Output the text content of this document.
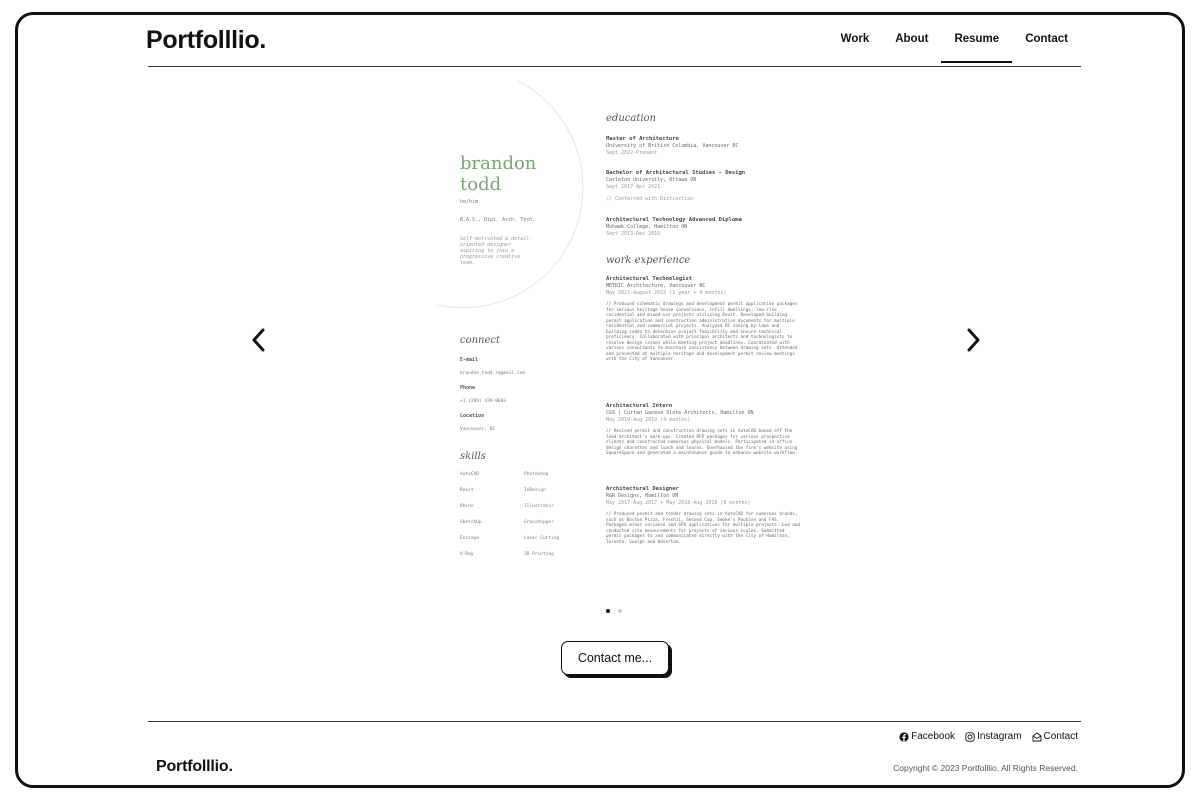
Portfolllio.	Work	About	Resume	Contact
brandon
todd
he/him
B.A.S., Dipl. Arch. Tech.
Self-motivated & detail-oriented designer aspiring to join a progressive creative team.
connect
E-mail
brandon.todd.r@gmail.com
Phone
+1 (289) 439-8693
Location
Vancouver, BC
skills
AutoCAD	Photoshop
Revit	InDesign
Rhino	Illustrator
SketchUp	Grasshopper
Enscape	Laser Cutting
V-Ray	3D Printing
education
Master of Architecture
University of British Columbia, Vancouver BC
Sept 2022-Present
Bachelor of Architectural Studies - Design
Carleton University, Ottawa ON
Sept 2017-Apr 2021
// Conferred with Distinction
Architectural Technology Advanced Diploma
Mohawk College, Hamilton ON
Sept 2013-Dec 2016
work experience
Architectural Technologist
METRIC Architecture, Vancouver BC
May 2021-August 2022 (1 year + 4 months)
// Produced schematic drawings and development permit application packages for various heritage house conversions, infill dwellings, low-rise residential and mixed-use projects utilizing Revit. Developed building permit application and construction administration documents for multiple residential and commercial projects. Analyzed BC zoning by-laws and building codes to determine project feasibility and ensure technical proficiency. Collaborated with principal architects and technologists to resolve design issues while meeting project deadlines. Coordinated with various consultants to maintain consistency between drawing sets. Attended and presented at multiple heritage and development permit review meetings with the City of Vancouver.
Architectural Intern
CGS | Curran Gacesa Slote Architects, Hamilton ON
May 2019-Aug 2019 (4 months)
// Revised permit and construction drawing sets in AutoCAD based off the lead architect's mark-ups. Created RFP packages for various prospective clients and constructed numerous physical models. Participated in office design charettes and lunch and learns. Overhauled the firm's website using SquareSpace and generated a maintenance guide to enhance website workflow.
Architectural Designer
R&R Designs, Hamilton ON
May 2017-Aug 2017 + May 2018-Aug 2018 (8 months)
// Produced permit and tender drawing sets in AutoCAD for numerous brands, such as Boston Pizza, Freshii, Second Cup, Smoke's Poutine and FAS. Packaged minor variance and SPA applications for multiple projects. Led and conducted site measurements for projects of various scales. Submitted permit packages to and communicated directly with the City of Hamilton, Toronto, Guelph and Waterloo.
Contact me...
Facebook Instagram Contact
Portfolllio.	Copyright © 2023 Portfolllio, All Rights Reserved.
